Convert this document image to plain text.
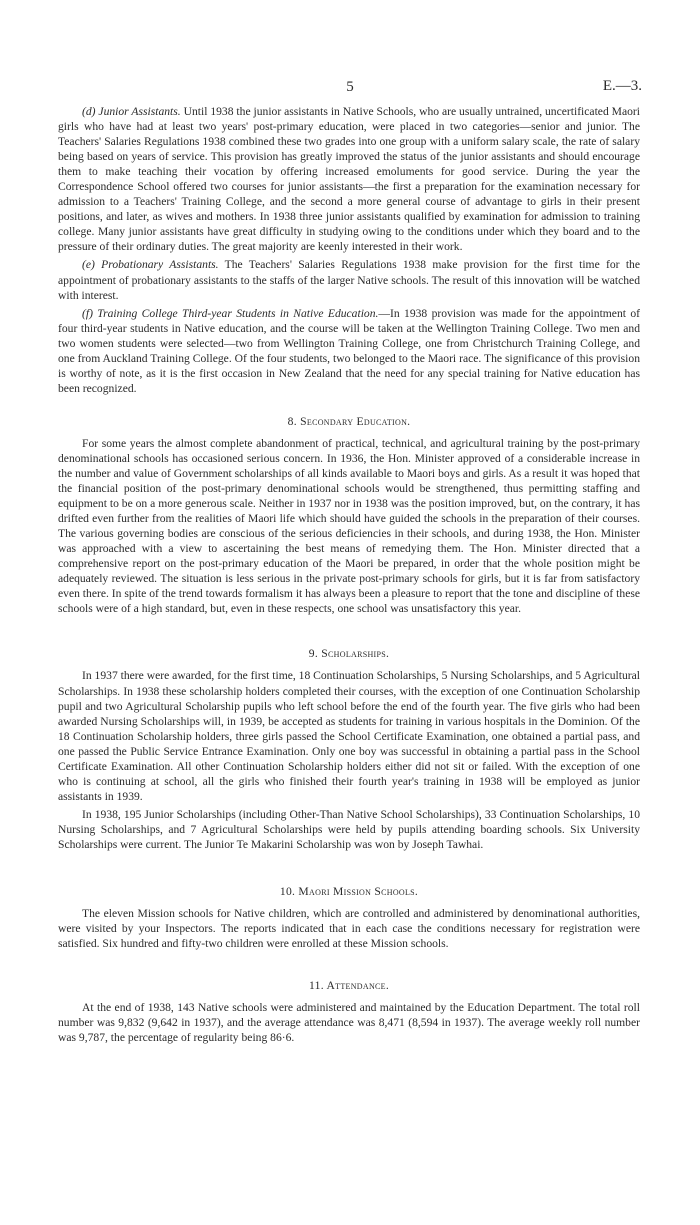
5	E.—3.

(d) Junior Assistants. Until 1938 the junior assistants in Native Schools, who are usually untrained, uncertificated Maori girls who have had at least two years' post-primary education, were placed in two categories—senior and junior. The Teachers' Salaries Regulations 1938 combined these two grades into one group with a uniform salary scale, the rate of salary being based on years of service. This provision has greatly improved the status of the junior assistants and should encourage them to make teaching their vocation by offering increased emoluments for good service. During the year the Correspondence School offered two courses for junior assistants—the first a preparation for the examination necessary for admission to a Teachers' Training College, and the second a more general course of advantage to girls in their present positions, and later, as wives and mothers. In 1938 three junior assistants qualified by examination for admission to training college. Many junior assistants have great difficulty in studying owing to the conditions under which they board and to the pressure of their ordinary duties. The great majority are keenly interested in their work.

(e) Probationary Assistants. The Teachers' Salaries Regulations 1938 make provision for the first time for the appointment of probationary assistants to the staffs of the larger Native schools. The result of this innovation will be watched with interest.

(f) Training College Third-year Students in Native Education.—In 1938 provision was made for the appointment of four third-year students in Native education, and the course will be taken at the Wellington Training College. Two men and two women students were selected—two from Wellington Training College, one from Christchurch Training College, and one from Auckland Training College. Of the four students, two belonged to the Maori race. The significance of this provision is worthy of note, as it is the first occasion in New Zealand that the need for any special training for Native education has been recognized.

8. Secondary Education.

For some years the almost complete abandonment of practical, technical, and agricultural training by the post-primary denominational schools has occasioned serious concern. In 1936, the Hon. Minister approved of a considerable increase in the number and value of Government scholarships of all kinds available to Maori boys and girls. As a result it was hoped that the financial position of the post-primary denominational schools would be strengthened, thus permitting staffing and equipment to be on a more generous scale. Neither in 1937 nor in 1938 was the position improved, but, on the contrary, it has drifted even further from the realities of Maori life which should have guided the schools in the preparation of their courses. The various governing bodies are conscious of the serious deficiencies in their schools, and during 1938, the Hon. Minister was approached with a view to ascertaining the best means of remedying them. The Hon. Minister directed that a comprehensive report on the post-primary education of the Maori be prepared, in order that the whole position might be adequately reviewed. The situation is less serious in the private post-primary schools for girls, but it is far from satisfactory even there. In spite of the trend towards formalism it has always been a pleasure to report that the tone and discipline of these schools were of a high standard, but, even in these respects, one school was unsatisfactory this year.

9. Scholarships.

In 1937 there were awarded, for the first time, 18 Continuation Scholarships, 5 Nursing Scholarships, and 5 Agricultural Scholarships. In 1938 these scholarship holders completed their courses, with the exception of one Continuation Scholarship pupil and two Agricultural Scholarship pupils who left school before the end of the fourth year. The five girls who had been awarded Nursing Scholarships will, in 1939, be accepted as students for training in various hospitals in the Dominion. Of the 18 Continuation Scholarship holders, three girls passed the School Certificate Examination, one obtained a partial pass, and one passed the Public Service Entrance Examination. Only one boy was successful in obtaining a partial pass in the School Certificate Examination. All other Continuation Scholarship holders either did not sit or failed. With the exception of one who is continuing at school, all the girls who finished their fourth year's training in 1938 will be employed as junior assistants in 1939.

In 1938, 195 Junior Scholarships (including Other-Than Native School Scholarships), 33 Continuation Scholarships, 10 Nursing Scholarships, and 7 Agricultural Scholarships were held by pupils attending boarding schools. Six University Scholarships were current. The Junior Te Makarini Scholarship was won by Joseph Tawhai.

10. Maori Mission Schools.

The eleven Mission schools for Native children, which are controlled and administered by denominational authorities, were visited by your Inspectors. The reports indicated that in each case the conditions necessary for registration were satisfied. Six hundred and fifty-two children were enrolled at these Mission schools.

11. Attendance.

At the end of 1938, 143 Native schools were administered and maintained by the Education Department. The total roll number was 9,832 (9,642 in 1937), and the average attendance was 8,471 (8,594 in 1937). The average weekly roll number was 9,787, the percentage of regularity being 86·6.
